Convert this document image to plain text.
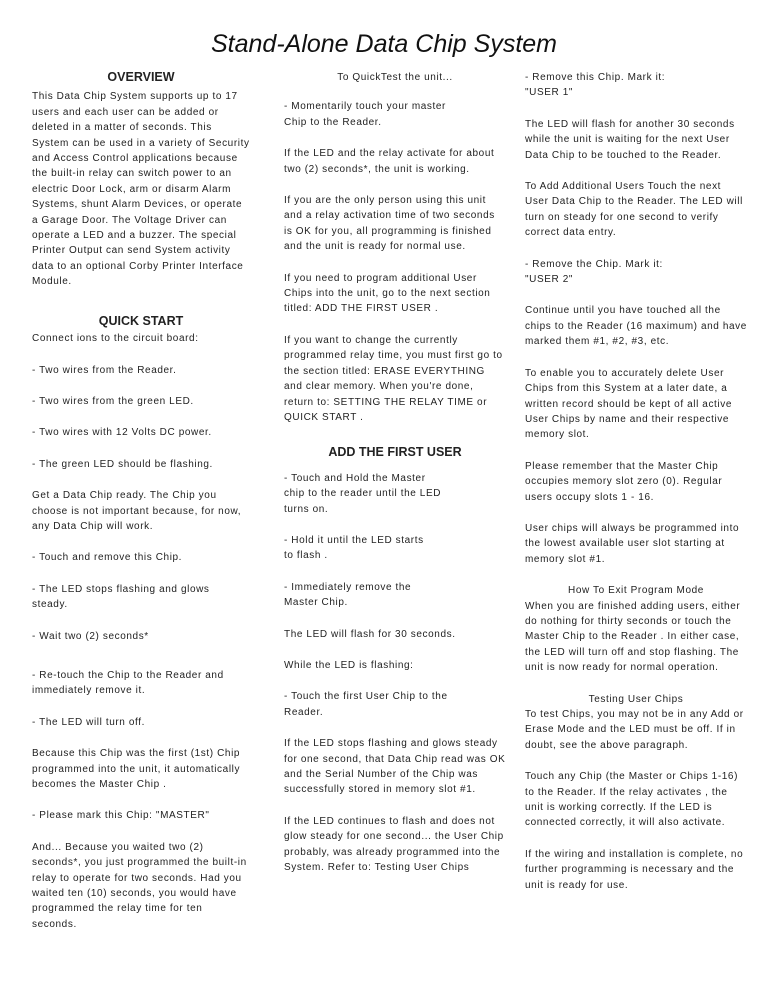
Stand-Alone Data Chip System
OVERVIEW
This Data Chip System supports up to 17 users and each user can be added or deleted in a matter of seconds. This System can be used in a variety of Security and Access Control applications because the built-in relay can switch power to an electric Door Lock, arm or disarm Alarm Systems, shunt Alarm Devices, or operate a Garage Door. The Voltage Driver can operate a LED and a buzzer. The special Printer Output can send System activity data to an optional Corby Printer Interface Module.
QUICK START
Connect ions to the circuit board:
- Two wires from the Reader.
- Two wires from the green LED.
- Two wires with 12 Volts DC power.
- The green LED should be flashing.
Get a Data Chip ready. The Chip you choose is not important because, for now, any Data Chip will work.
- Touch and remove this Chip.
- The LED stops flashing and glows
steady.
- Wait two (2) seconds*
- Re-touch the Chip to the Reader and
immediately remove it.
- The LED will turn off.
Because this Chip was the first (1st) Chip programmed into the unit, it automatically becomes the Master Chip .
- Please mark this Chip: "MASTER"
And... Because you waited two (2) seconds*, you just programmed the built-in relay to operate for two seconds. Had you waited ten (10) seconds, you would have programmed the relay time for ten seconds.
To QuickTest the unit...
- Momentarily touch your master
Chip to the Reader.
If the LED and the relay activate for about two (2) seconds*, the unit is working.
If you are the only person using this unit and a relay activation time of two seconds is OK for you, all programming is finished and the unit is ready for normal use.
If you need to program additional User Chips into the unit, go to the next section titled: ADD THE FIRST USER .
If you want to change the currently programmed relay time, you must first go to the section titled: ERASE EVERYTHING and clear memory. When you're done, return to: SETTING THE RELAY TIME or QUICK START .
ADD THE FIRST USER
- Touch and Hold the Master
chip to the reader until the LED
turns on.
- Hold it until the LED starts
to flash .
- Immediately remove the
Master Chip.
The LED will flash for 30 seconds.
While the LED is flashing:
- Touch the first User Chip to the
Reader.
If the LED stops flashing and glows steady for one second, that Data Chip read was OK and the Serial Number of the Chip was successfully stored in memory slot #1.
If the LED continues to flash and does not glow steady for one second... the User Chip probably, was already programmed into the System. Refer to: Testing User Chips
- Remove this Chip. Mark it:
"USER 1"
The LED will flash for another 30 seconds while the unit is waiting for the next User Data Chip to be touched to the Reader.
To Add Additional Users Touch the next User Data Chip to the Reader. The LED will turn on steady for one second to verify correct data entry.
- Remove the Chip. Mark it:
"USER 2"
Continue until you have touched all the chips to the Reader (16 maximum) and have marked them #1, #2, #3, etc.
To enable you to accurately delete User Chips from this System at a later date, a written record should be kept of all active User Chips by name and their respective memory slot.
Please remember that the Master Chip occupies memory slot zero (0). Regular users occupy slots 1 - 16.
User chips will always be programmed into the lowest available user slot starting at memory slot #1.
How To Exit Program Mode
When you are finished adding users, either do nothing for thirty seconds or touch the Master Chip to the Reader . In either case, the LED will turn off and stop flashing. The unit is now ready for normal operation.
Testing User Chips
To test Chips, you may not be in any Add or Erase Mode and the LED must be off. If in doubt, see the above paragraph.
Touch any Chip (the Master or Chips 1-16) to the Reader. If the relay activates , the unit is working correctly. If the LED is connected correctly, it will also activate.
If the wiring and installation is complete, no further programming is necessary and the unit is ready for use.
